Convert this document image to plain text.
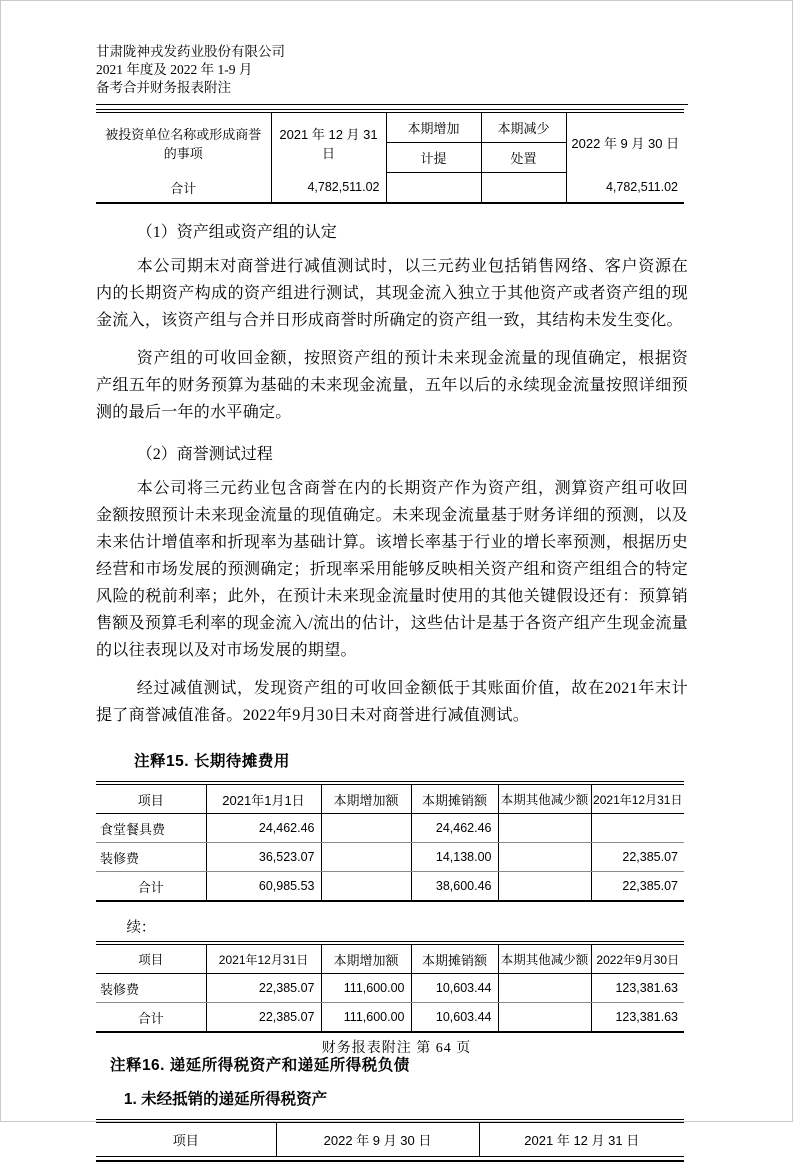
甘肃陇神戎发药业股份有限公司
2021 年度及 2022 年 1-9 月
备考合并财务报表附注
被投资单位名称或形成商誉的事项	2021 年 12 月 31 日	本期增加	本期减少	2022 年 9 月 30 日
		计提	处置	
合计	4,782,511.02			4,782,511.02

（1）资产组或资产组的认定

本公司期末对商誉进行减值测试时，以三元药业包括销售网络、客户资源在内的长期资产构成的资产组进行测试，其现金流入独立于其他资产或者资产组的现金流入，该资产组与合并日形成商誉时所确定的资产组一致，其结构未发生变化。

资产组的可收回金额，按照资产组的预计未来现金流量的现值确定，根据资产组五年的财务预算为基础的未来现金流量，五年以后的永续现金流量按照详细预测的最后一年的水平确定。

（2）商誉测试过程

本公司将三元药业包含商誉在内的长期资产作为资产组，测算资产组可收回金额按照预计未来现金流量的现值确定。未来现金流量基于财务详细的预测，以及未来估计增值率和折现率为基础计算。该增长率基于行业的增长率预测，根据历史经营和市场发展的预测确定；折现率采用能够反映相关资产组和资产组组合的特定风险的税前利率；此外，在预计未来现金流量时使用的其他关键假设还有：预算销售额及预算毛利率的现金流入/流出的估计，这些估计是基于各资产组产生现金流量的以往表现以及对市场发展的期望。

经过减值测试，发现资产组的可收回金额低于其账面价值，故在2021年末计提了商誉减值准备。2022年9月30日未对商誉进行减值测试。

注释15. 长期待摊费用

项目	2021年1月1日	本期增加额	本期摊销额	本期其他减少额	2021年12月31日
食堂餐具费	24,462.46		24,462.46		
装修费	36,523.07		14,138.00		22,385.07
合计	60,985.53		38,600.46		22,385.07

续：

项目	2021年12月31日	本期增加额	本期摊销额	本期其他减少额	2022年9月30日
装修费	22,385.07	111,600.00	10,603.44		123,381.63
合计	22,385.07	111,600.00	10,603.44		123,381.63

注释16. 递延所得税资产和递延所得税负债

1. 未经抵销的递延所得税资产

项目	2022 年 9 月 30 日	2021 年 12 月 31 日
财务报表附注 第 64 页
